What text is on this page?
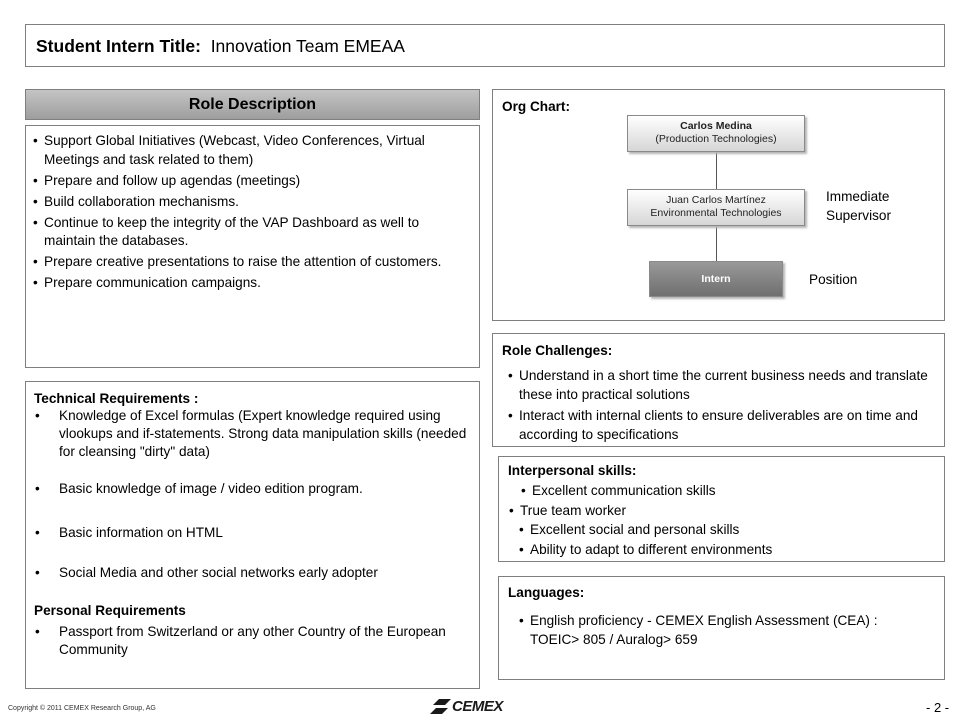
Student Intern Title: Innovation Team EMEAA
Role Description
• Support Global Initiatives (Webcast, Video Conferences, Virtual Meetings and task related to them)
• Prepare and follow up agendas (meetings)
• Build collaboration mechanisms.
• Continue to keep the integrity of the VAP Dashboard as well to maintain the databases.
• Prepare creative presentations to raise the attention of customers.
• Prepare communication campaigns.
Technical Requirements :
• Knowledge of Excel formulas (Expert knowledge required using vlookups and if-statements. Strong data manipulation skills (needed for cleansing "dirty" data)
• Basic knowledge of image / video edition program.
• Basic information on HTML
• Social Media and other social networks early adopter
Personal Requirements
• Passport from Switzerland or any other Country of the European Community
Org Chart:
Carlos Medina
(Production Technologies)
Juan Carlos Martínez
Environmental Technologies
Intern
Immediate
Supervisor
Position
Role Challenges:
• Understand in a short time the current business needs and translate these into practical solutions
• Interact with internal clients to ensure deliverables are on time and according to specifications
Interpersonal skills:
• Excellent communication skills
• True team worker
• Excellent social and personal skills
• Ability to adapt to different environments
Languages:
• English proficiency - CEMEX English Assessment (CEA) : TOEIC> 805 / Auralog> 659
Copyright © 2011 CEMEX Research Group, AG	CEMEX	- 2 -
